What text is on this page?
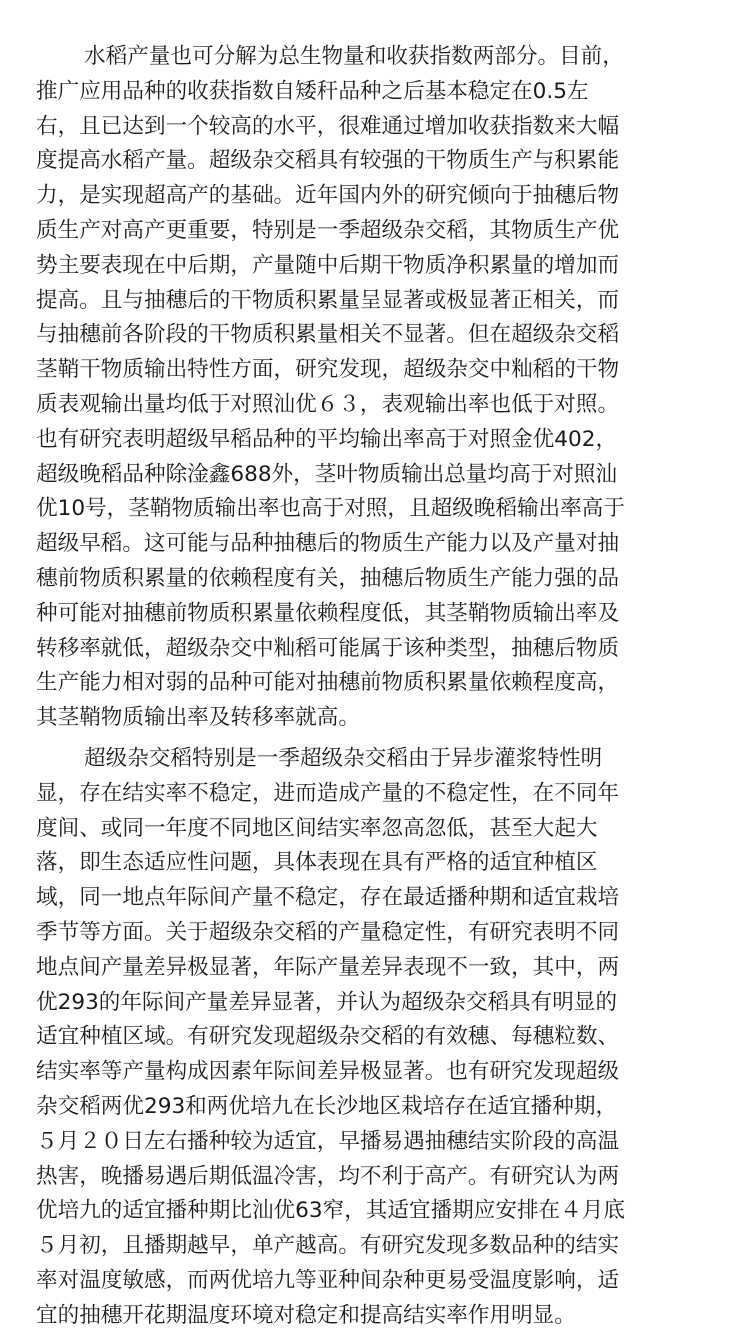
水稻产量也可分解为总生物量和收获指数两部分。目前，
推广应用品种的收获指数自矮秆品种之后基本稳定在0.5左
右，且已达到一个较高的水平，很难通过增加收获指数来大幅
度提高水稻产量。超级杂交稻具有较强的干物质生产与积累能
力，是实现超高产的基础。近年国内外的研究倾向于抽穗后物
质生产对高产更重要，特别是一季超级杂交稻，其物质生产优
势主要表现在中后期，产量随中后期干物质净积累量的增加而
提高。且与抽穗后的干物质积累量呈显著或极显著正相关，而
与抽穗前各阶段的干物质积累量相关不显著。但在超级杂交稻
茎鞘干物质输出特性方面，研究发现，超级杂交中籼稻的干物
质表观输出量均低于对照汕优６３，表观输出率也低于对照。
也有研究表明超级早稻品种的平均输出率高于对照金优402，
超级晚稻品种除淦鑫688外，茎叶物质输出总量均高于对照汕
优10号，茎鞘物质输出率也高于对照，且超级晚稻输出率高于
超级早稻。这可能与品种抽穗后的物质生产能力以及产量对抽
穗前物质积累量的依赖程度有关，抽穗后物质生产能力强的品
种可能对抽穗前物质积累量依赖程度低，其茎鞘物质输出率及
转移率就低，超级杂交中籼稻可能属于该种类型，抽穗后物质
生产能力相对弱的品种可能对抽穗前物质积累量依赖程度高，
其茎鞘物质输出率及转移率就高。
超级杂交稻特别是一季超级杂交稻由于异步灌浆特性明
显，存在结实率不稳定，进而造成产量的不稳定性，在不同年
度间、或同一年度不同地区间结实率忽高忽低，甚至大起大
落，即生态适应性问题，具体表现在具有严格的适宜种植区
域，同一地点年际间产量不稳定，存在最适播种期和适宜栽培
季节等方面。关于超级杂交稻的产量稳定性，有研究表明不同
地点间产量差异极显著，年际产量差异表现不一致，其中，两
优293的年际间产量差异显著，并认为超级杂交稻具有明显的
适宜种植区域。有研究发现超级杂交稻的有效穗、每穗粒数、
结实率等产量构成因素年际间差异极显著。也有研究发现超级
杂交稻两优293和两优培九在长沙地区栽培存在适宜播种期，
５月２０日左右播种较为适宜，早播易遇抽穗结实阶段的高温
热害，晚播易遇后期低温冷害，均不利于高产。有研究认为两
优培九的适宜播种期比汕优63窄，其适宜播期应安排在４月底
５月初，且播期越早，单产越高。有研究发现多数品种的结实
率对温度敏感，而两优培九等亚种间杂种更易受温度影响，适
宜的抽穗开花期温度环境对稳定和提高结实率作用明显。
